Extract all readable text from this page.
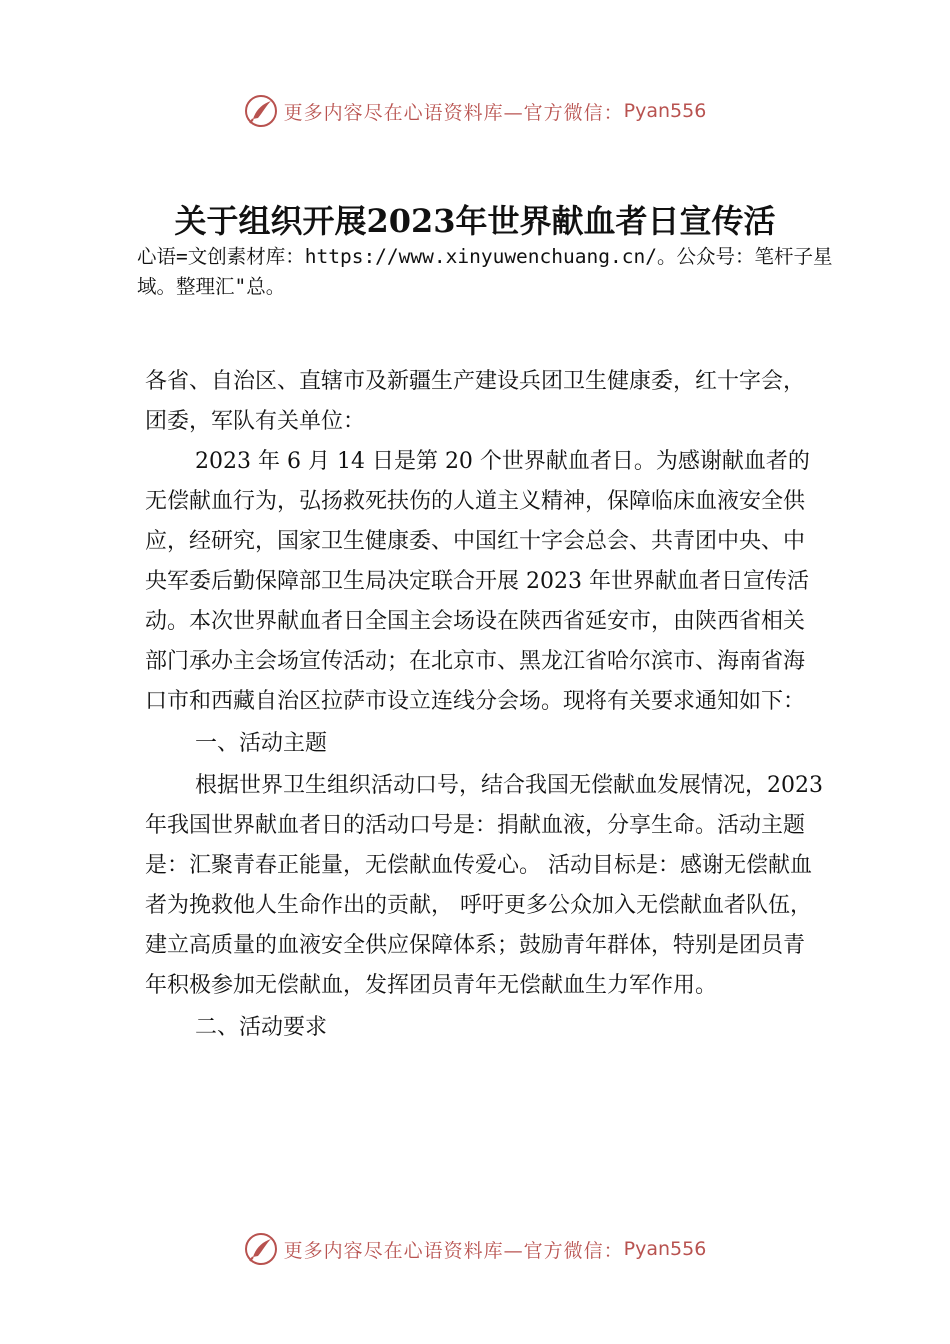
更多内容尽在心语资料库—官方微信： Pyan556
关于组织开展2023年世界献血者日宣传活
心语=文创素材库：https://www.xinyuwenchuang.cn/。公众号：笔杆子星域。整理汇"总。

各省、自治区、直辖市及新疆生产建设兵团卫生健康委，红十字会，团委，军队有关单位：

2023 年 6 月 14 日是第 20 个世界献血者日。为感谢献血者的无偿献血行为，弘扬救死扶伤的人道主义精神，保障临床血液安全供应，经研究，国家卫生健康委、中国红十字会总会、共青团中央、中央军委后勤保障部卫生局决定联合开展 2023 年世界献血者日宣传活动。本次世界献血者日全国主会场设在陕西省延安市，由陕西省相关部门承办主会场宣传活动；在北京市、黑龙江省哈尔滨市、海南省海口市和西藏自治区拉萨市设立连线分会场。现将有关要求通知如下：

一、活动主题

根据世界卫生组织活动口号，结合我国无偿献血发展情况，2023 年我国世界献血者日的活动口号是：捐献血液，分享生命。活动主题是：汇聚青春正能量，无偿献血传爱心。 活动目标是：感谢无偿献血者为挽救他人生命作出的贡献， 呼吁更多公众加入无偿献血者队伍，建立高质量的血液安全供应保障体系；鼓励青年群体，特别是团员青年积极参加无偿献血，发挥团员青年无偿献血生力军作用。

二、活动要求

更多内容尽在心语资料库—官方微信： Pyan556
